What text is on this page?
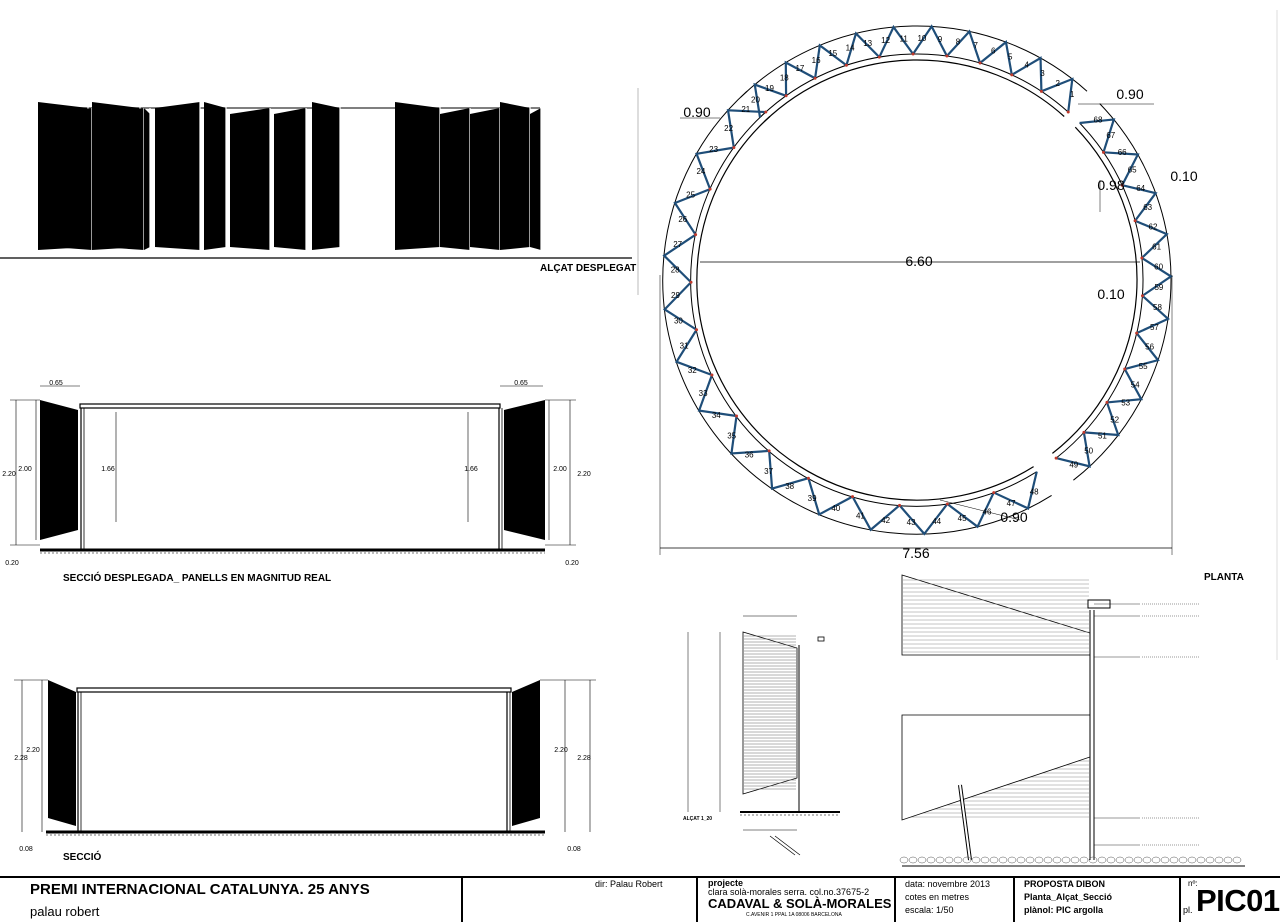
0.65	0.65
2.20
2.00	1.66	1.66	2.00
2.20
0.20	0.20
2.20
2.28
2.20
2.28
0.08	0.08
1
2
3
4
5
6
7
8
9
10
11
12
13
14
15
16
17
18
19
20
21
22
23
24
25
26
27
28
29
30
31
32
33
34
35
36
37
38
39
40
41
42 43 44 45
46
47
48
49
50
51
52
53
54
55
56
57
58
59
60
61
62
63
64
65
66
67
68
0.90
0.90
0.98
0.10
0.10
6.60
7.56
0.90
ALÇAT DESPLEGAT
SECCIÓ DESPLEGADA_ PANELLS EN MAGNITUD REAL
SECCIÓ
PLANTA
ALÇAT 1_20
PREMI INTERNACIONAL CATALUNYA. 25 ANYS
palau robert
dir: Palau Robert	projecte
clara solà-morales serra. col.no.37675-2
CADAVAL & SOLÀ-MORALES
C.AVENIR 1 PPAL 1A 08006 BARCELONA
data: novembre 2013
cotes en metres
escala: 1/50
PROPOSTA DIBON
Planta_Alçat_Secció
plànol: PIC argolla
nº:
pl. PIC01
